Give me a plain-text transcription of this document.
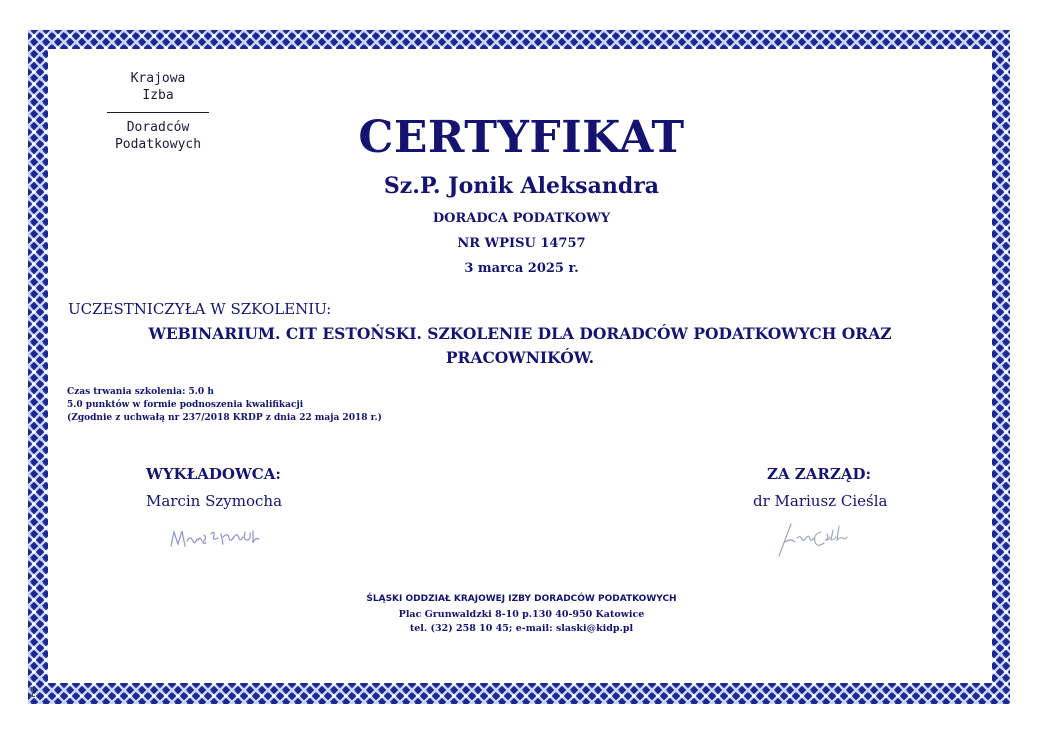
Krajowa
Izba
Doradców
Podatkowych	CERTYFIKAT
Sz.P. Jonik Aleksandra
DORADCA PODATKOWY
NR WPISU 14757
3 marca 2025 r.
UCZESTNICZYŁA W SZKOLENIU:
WEBINARIUM. CIT ESTOŃSKI. SZKOLENIE DLA DORADCÓW PODATKOWYCH ORAZ PRACOWNIKÓW.
Czas trwania szkolenia: 5.0 h
5.0 punktów w formie podnoszenia kwalifikacji
(Zgodnie z uchwałą nr 237/2018 KRDP z dnia 22 maja 2018 r.)
WYKŁADOWCA:
Marcin Szymocha
ZA ZARZĄD:
dr Mariusz Cieśla
ŚLĄSKI ODDZIAŁ KRAJOWEJ IZBY DORADCÓW PODATKOWYCH
Plac Grunwaldzki 8-10 p.130 40-950 Katowice
tel. (32) 258 10 45; e-mail: slaski@kidp.pl
1
